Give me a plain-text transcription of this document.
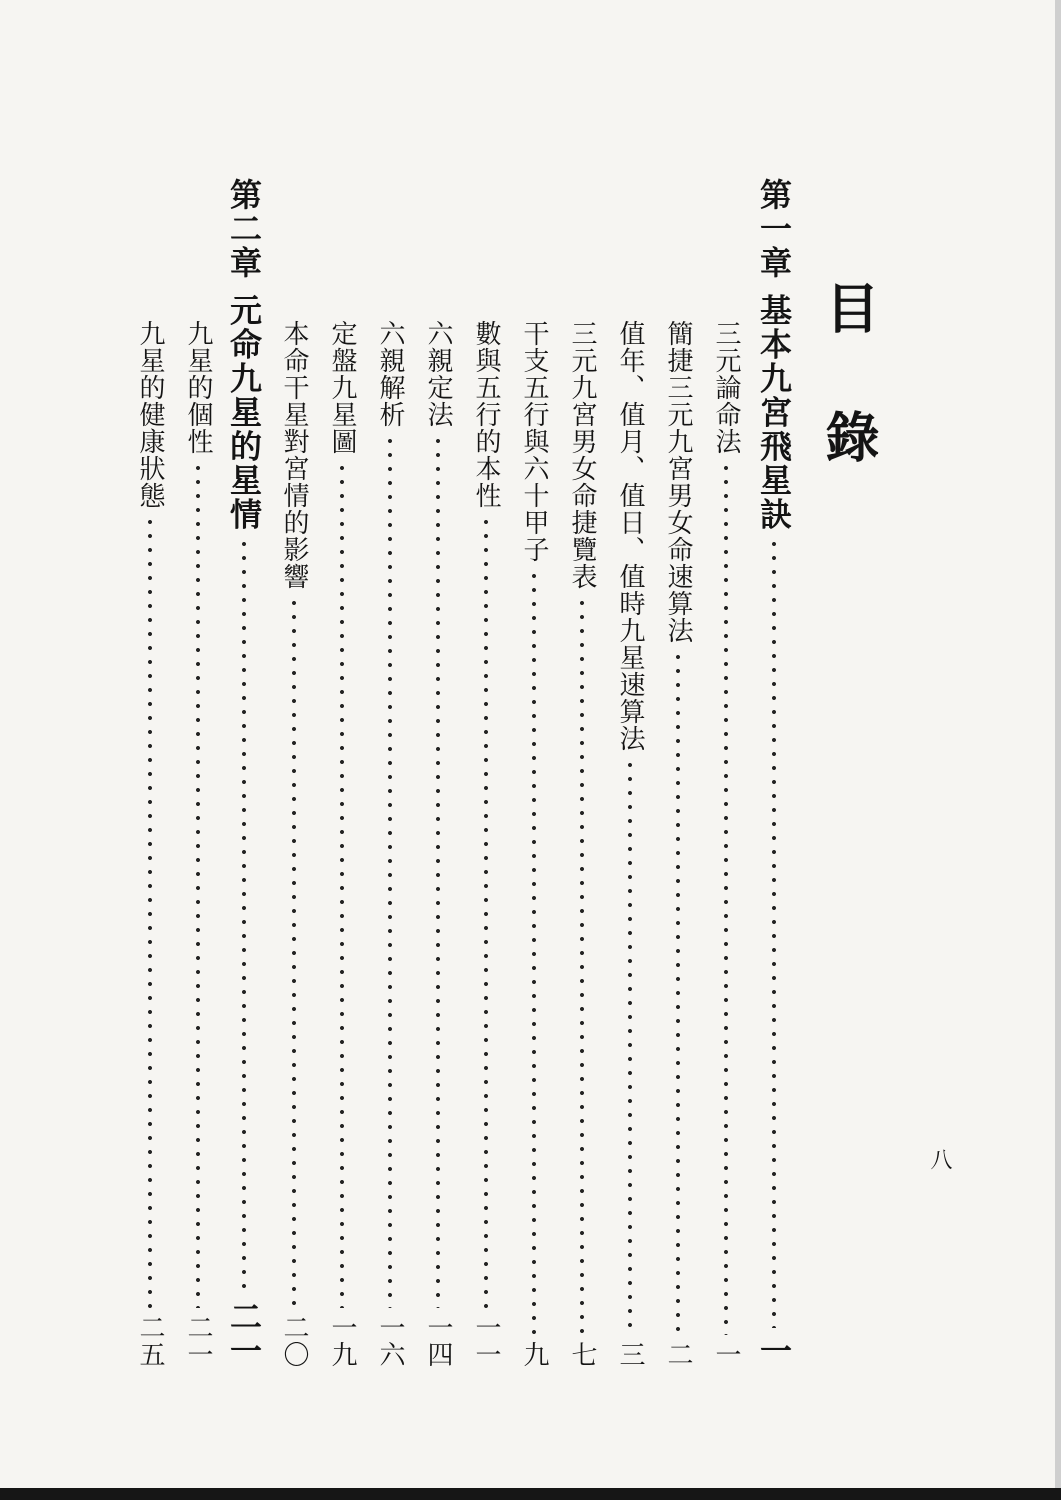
目 錄
八
第一章 基本九宮飛星訣
一
三元論命法
一
簡捷三元九宮男女命速算法
二
值年、值月、值日、值時九星速算法
三
三元九宮男女命捷覽表
七
干支五行與六十甲子
九
數與五行的本性
一一
六親定法
一四
六親解析
一六
定盤九星圖
一九
本命干星對宮情的影響
二〇
第二章 元命九星的星情
二一
九星的個性
二一
九星的健康狀態
二五
